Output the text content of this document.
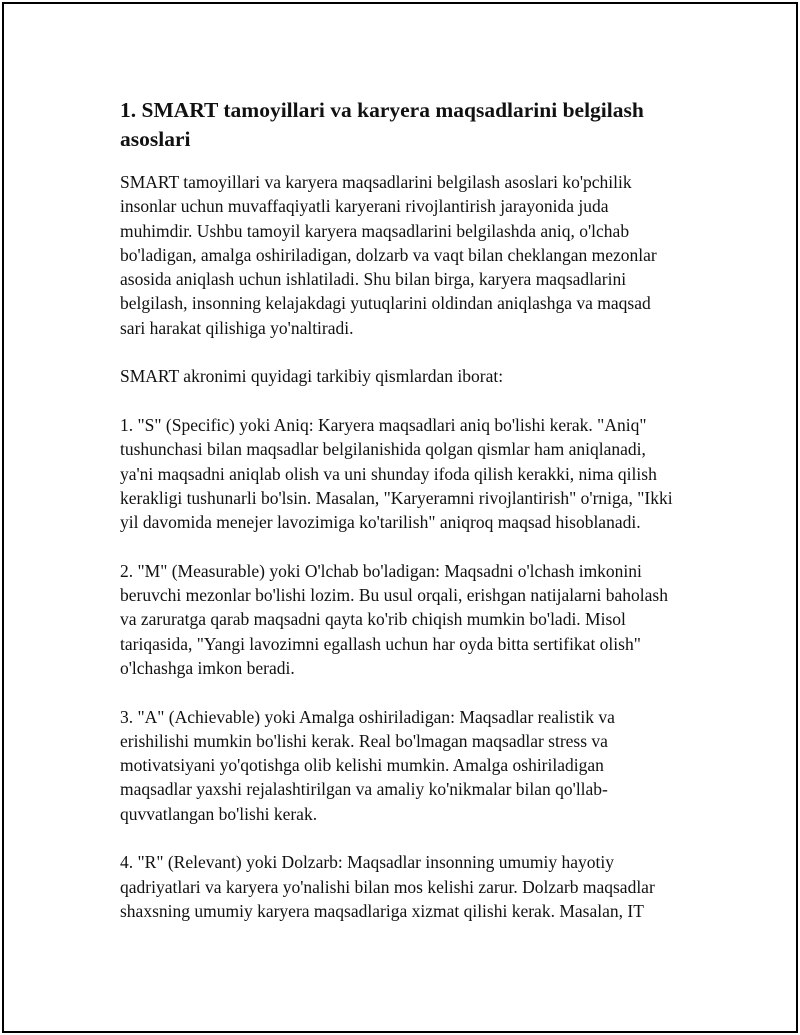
1. SMART tamoyillari va karyera maqsadlarini belgilash asoslari

SMART tamoyillari va karyera maqsadlarini belgilash asoslari ko'pchilik insonlar uchun muvaffaqiyatli karyerani rivojlantirish jarayonida juda muhimdir. Ushbu tamoyil karyera maqsadlarini belgilashda aniq, o'lchab bo'ladigan, amalga oshiriladigan, dolzarb va vaqt bilan cheklangan mezonlar asosida aniqlash uchun ishlatiladi. Shu bilan birga, karyera maqsadlarini belgilash, insonning kelajakdagi yutuqlarini oldindan aniqlashga va maqsad sari harakat qilishiga yo'naltiradi.

SMART akronimi quyidagi tarkibiy qismlardan iborat:

1. "S" (Specific) yoki Aniq: Karyera maqsadlari aniq bo'lishi kerak. "Aniq" tushunchasi bilan maqsadlar belgilanishida qolgan qismlar ham aniqlanadi, ya'ni maqsadni aniqlab olish va uni shunday ifoda qilish kerakki, nima qilish kerakligi tushunarli bo'lsin. Masalan, "Karyeramni rivojlantirish" o'rniga, "Ikki yil davomida menejer lavozimiga ko'tarilish" aniqroq maqsad hisoblanadi.

2. "M" (Measurable) yoki O'lchab bo'ladigan: Maqsadni o'lchash imkonini beruvchi mezonlar bo'lishi lozim. Bu usul orqali, erishgan natijalarni baholash va zaruratga qarab maqsadni qayta ko'rib chiqish mumkin bo'ladi. Misol tariqasida, "Yangi lavozimni egallash uchun har oyda bitta sertifikat olish" o'lchashga imkon beradi.

3. "A" (Achievable) yoki Amalga oshiriladigan: Maqsadlar realistik va erishilishi mumkin bo'lishi kerak. Real bo'lmagan maqsadlar stress va motivatsiyani yo'qotishga olib kelishi mumkin. Amalga oshiriladigan maqsadlar yaxshi rejalashtirilgan va amaliy ko'nikmalar bilan qo'llab-quvvatlangan bo'lishi kerak.

4. "R" (Relevant) yoki Dolzarb: Maqsadlar insonning umumiy hayotiy qadriyatlari va karyera yo'nalishi bilan mos kelishi zarur. Dolzarb maqsadlar shaxsning umumiy karyera maqsadlariga xizmat qilishi kerak. Masalan, IT
